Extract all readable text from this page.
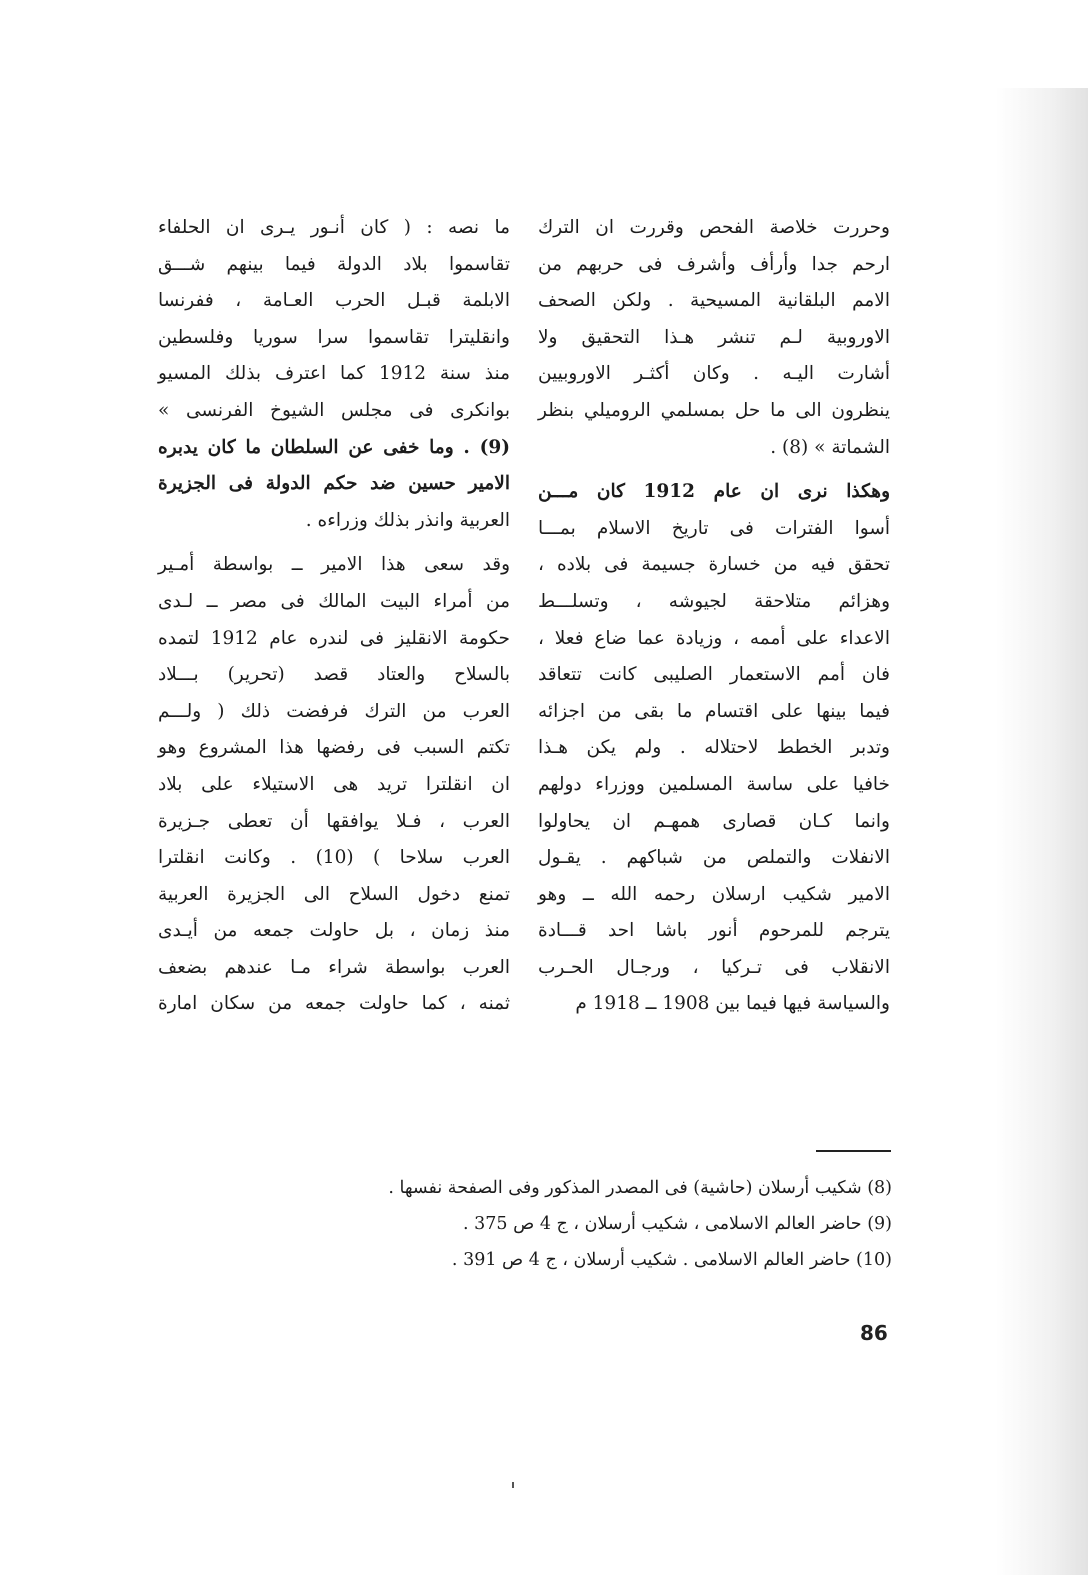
وحررت خلاصة الفحص وقررت ان الترك
ارحم جدا وأرأف وأشرف فى حربهم من
الامم البلقانية المسيحية . ولكن الصحف
الاوروبية لـم تنشر هـذا التحقيق ولا
أشارت اليـه . وكان أكثـر الاوروبيين
ينظرون الى ما حل بمسلمي الروميلي بنظر
الشماتة » (8) .

وهكذا نرى ان عام 1912 كان مـــن
أسوا الفترات فى تاريخ الاسلام بمـــا
تحقق فيه من خسارة جسيمة فى بلاده ،
وهزائم متلاحقة لجيوشه ، وتسلـــط
الاعداء على أممه ، وزيادة عما ضاع فعلا ،
فان أمم الاستعمار الصليبى كانت تتعاقد
فيما بينها على اقتسام ما بقى من اجزائه
وتدبر الخطط لاحتلاله . ولم يكن هـذا
خافيا على ساسة المسلمين ووزراء دولهم
وانما كـان قصارى همهـم ان يحاولوا
الانفلات والتملص من شباكهم . يقـول
الامير شكيب ارسلان رحمه الله ــ وهو
يترجم للمرحوم أنور باشا احد قـــادة
الانقلاب فى تـركيا ، ورجـال الحـرب
والسياسة فيها فيما بين 1908 ــ 1918 م

ما نصه : ( كان أنـور يـرى ان الحلفاء
تقاسموا بلاد الدولة فيما بينهم شـــق
الابلمة قبـل الحرب العـامة ، ففرنسا
وانقليترا تقاسموا سرا سوريا وفلسطين
منذ سنة 1912 كما اعترف بذلك المسيو
بوانكرى فى مجلس الشيوخ الفرنسى »
(9) . وما خفى عن السلطان ما كان يدبره
الامير حسين ضد حكم الدولة فى الجزيرة
العربية وانذر بذلك وزراءه .

وقد سعى هذا الامير ــ بواسطة أمـير
من أمراء البيت المالك فى مصر ــ لـدى
حكومة الانقليز فى لندره عام 1912 لتمده
بالسلاح والعتاد قصد (تحرير) بـــلاد
العرب من الترك فرفضت ذلك ( ولـــم
تكتم السبب فى رفضها هذا المشروع وهو
ان انقلترا تريد هى الاستيلاء على بلاد
العرب ، فـلا يوافقها أن تعطى جـزيرة
العرب سلاحا ) (10) . وكانت انقلترا
تمنع دخول السلاح الى الجزيرة العربية
منذ زمان ، بل حاولت جمعه من أيـدى
العرب بواسطة شراء مـا عندهم بضعف
ثمنه ، كما حاولت جمعه من سكان امارة

(8) شكيب أرسلان (حاشية) فى المصدر المذكور وفى الصفحة نفسها .
(9) حاضر العالم الاسلامى ، شكيب أرسلان ، ج 4 ص 375 .
(10) حاضر العالم الاسلامى . شكيب أرسلان ، ج 4 ص 391 .
86
